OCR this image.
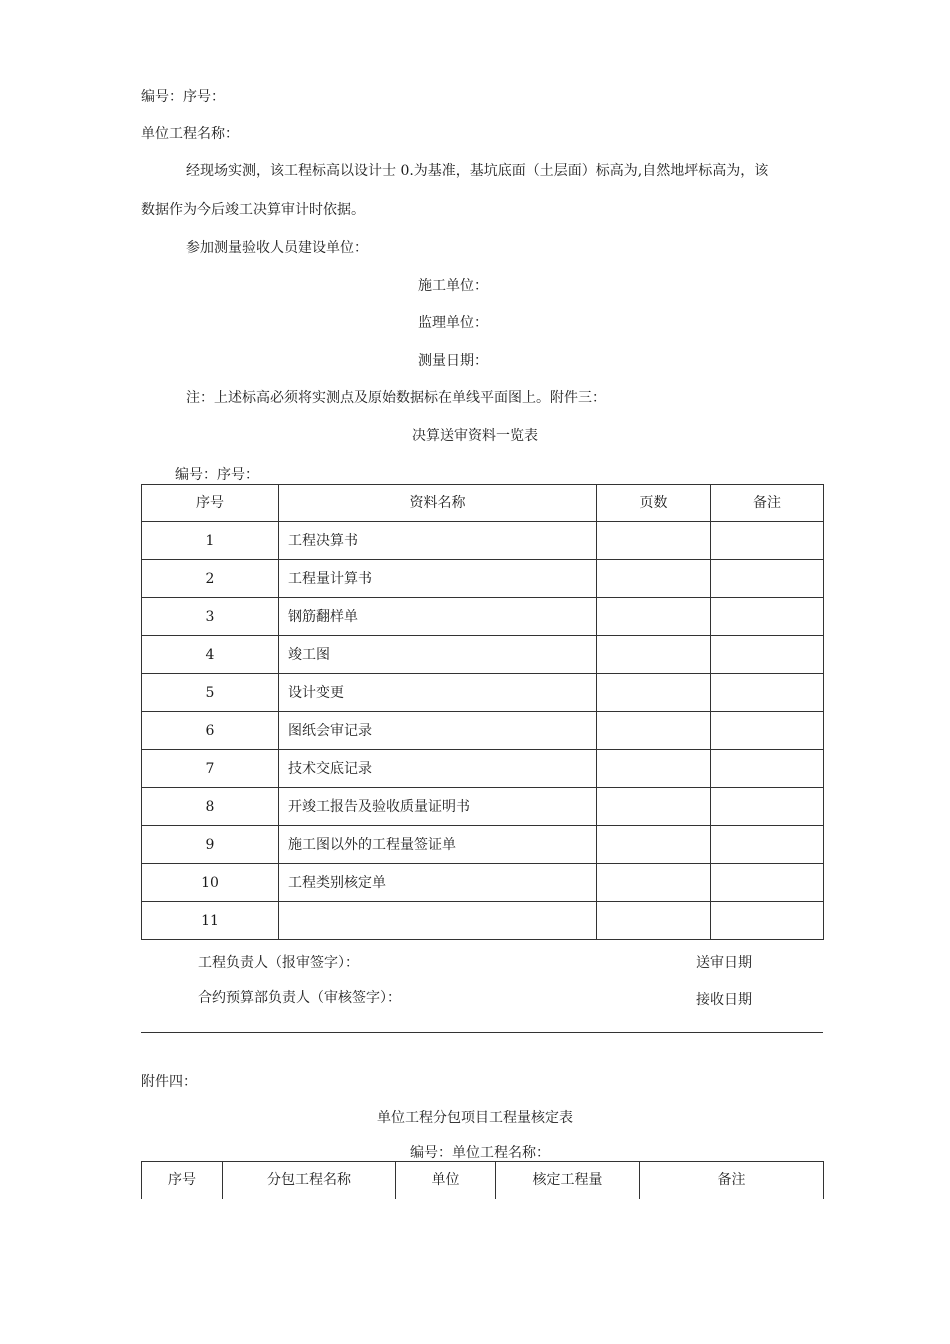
编号：序号：
单位工程名称：
经现场实测，该工程标高以设计士 0.为基准，基坑底面（土层面）标高为,自然地坪标高为，该
数据作为今后竣工决算审计时依据。
参加测量验收人员建设单位：
施工单位：
监理单位：
测量日期：
注：上述标高必须将实测点及原始数据标在单线平面图上。附件三：
决算送审资料一览表
编号：序号：
序号	资料名称	页数	备注
1	工程决算书		
2	工程量计算书		
3	钢筋翻样单		
4	竣工图		
5	设计变更		
6	图纸会审记录		
7	技术交底记录		
8	开竣工报告及验收质量证明书		
9	施工图以外的工程量签证单		
10	工程类别核定单		
11			
工程负责人（报审签字）：	送审日期
合约预算部负责人（审核签字）：	接收日期
附件四：
单位工程分包项目工程量核定表
编号：单位工程名称：
序号	分包工程名称	单位	核定工程量	备注
